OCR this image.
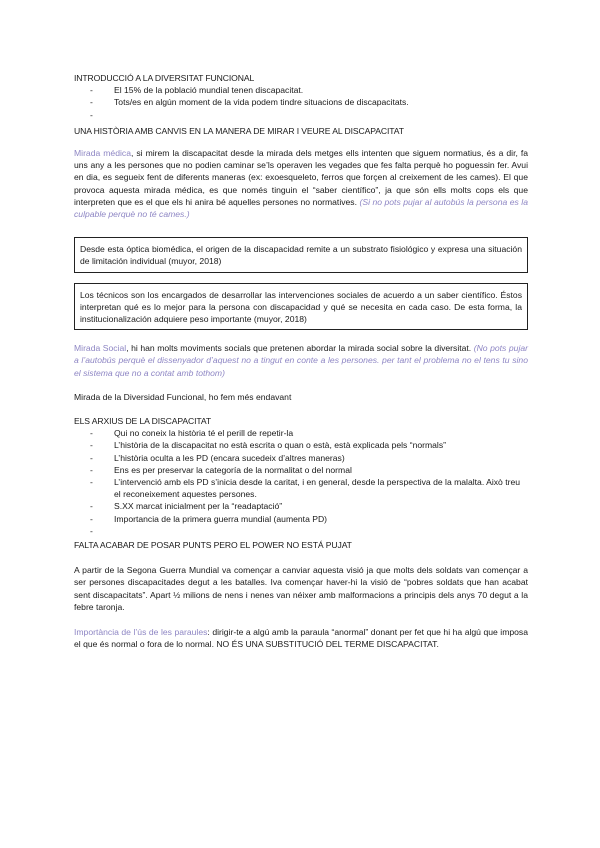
INTRODUCCIÓ A LA DIVERSITAT FUNCIONAL
- El 15% de la població mundial tenen discapacitat.
- Tots/es en algún moment de la vida podem tindre situacions de discapacitats.
-
UNA HISTÒRIA AMB CANVIS EN LA MANERA DE MIRAR I VEURE AL DISCAPACITAT

Mirada médica, si mirem la discapacitat desde la mirada dels metges ells intenten que siguem normatius, és a dir, fa uns any a les persones que no podien caminar se’ls operaven les vegades que fes falta perquè ho poguessin fer. Avui en dia, es segueix fent de diferents maneras (ex: exoesqueleto, ferros que forçen al creixement de les cames). El que provoca aquesta mirada médica, es que només tinguin el “saber científico”, ja que són ells molts cops els que interpreten que es el que els hi anira bé aquelles persones no normatives. (Si no pots pujar al autobús la persona es la culpable perquè no té cames.)

Desde esta óptica biomédica, el origen de la discapacidad remite a un substrato fisiológico y expresa una situación de limitación individual (muyor, 2018)
Los técnicos son los encargados de desarrollar las intervenciones sociales de acuerdo a un saber científico. Éstos interpretan qué es lo mejor para la persona con discapacidad y qué se necesita en cada caso. De esta forma, la institucionalización adquiere peso importante (muyor, 2018)

Mirada Social, hi han molts moviments socials que pretenen abordar la mirada social sobre la diversitat. (No pots pujar a l’autobús perquè el dissenyador d’aquest no a tingut en conte a les persones. per tant el problema no el tens tu sino el sistema que no a contat amb tothom)

Mirada de la Diversidad Funcional, ho fem més endavant

ELS ARXIUS DE LA DISCAPACITAT
- Qui no coneix la història té el perill de repetir-la
- L’història de la discapacitat no està escrita o quan o està, està explicada pels “normals”
- L’història oculta a les PD (encara sucedeix d’altres maneras)
- Ens es per preservar la categoría de la normalitat o del normal
- L’intervenció amb els PD s’inicia desde la caritat, i en general, desde la perspectiva de la malalta. Això treu el reconeixement aquestes persones.
- S.XX marcat inicialment per la “readaptació”
- Importancia de la primera guerra mundial (aumenta PD)
-
FALTA ACABAR DE POSAR PUNTS PERO EL POWER NO ESTÁ PUJAT

A partir de la Segona Guerra Mundial va començar a canviar aquesta visió ja que molts dels soldats van començar a ser persones discapacitades degut a les batalles. Iva començar haver-hi la visió de “pobres soldats que han acabat sent discapacitats”. Apart ½ milions de nens i nenes van néixer amb malformacions a principis dels anys 70 degut a la febre taronja.

Importància de l’ús de les paraules: dirigir-te a algú amb la paraula “anormal” donant per fet que hi ha algú que imposa el que és normal o fora de lo normal. NO ÉS UNA SUBSTITUCIÓ DEL TERME DISCAPACITAT.
